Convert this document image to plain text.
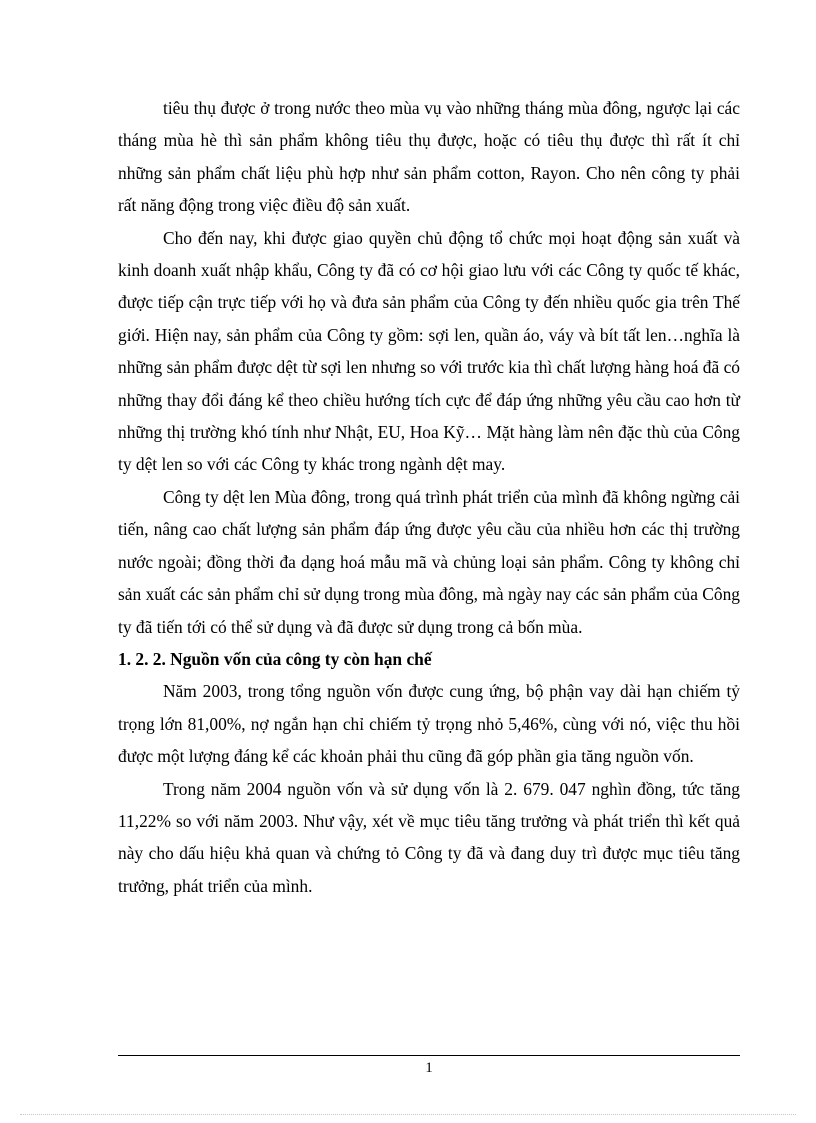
tiêu thụ được ở trong nước theo mùa vụ vào những tháng mùa đông, ngược lại các tháng mùa hè thì sản phẩm không tiêu thụ được, hoặc có tiêu thụ được thì rất ít chỉ những sản phẩm chất liệu phù hợp như sản phẩm cotton, Rayon. Cho nên công ty phải rất năng động trong việc điều độ sản xuất.

Cho đến nay, khi được giao quyền chủ động tổ chức mọi hoạt động sản xuất và kinh doanh xuất nhập khẩu, Công ty đã có cơ hội giao lưu với các Công ty quốc tế khác, được tiếp cận trực tiếp với họ và đưa sản phẩm của Công ty đến nhiều quốc gia trên Thế giới. Hiện nay, sản phẩm của Công ty gồm: sợi len, quần áo, váy và bít tất len…nghĩa là những sản phẩm được dệt từ sợi len nhưng so với trước kia thì chất lượng hàng hoá đã có những thay đổi đáng kể theo chiều hướng tích cực để đáp ứng những yêu cầu cao hơn từ những thị trường khó tính như Nhật, EU, Hoa Kỹ… Mặt hàng làm nên đặc thù của Công ty dệt len so với các Công ty khác trong ngành dệt may.

Công ty dệt len Mùa đông, trong quá trình phát triển của mình đã không ngừng cải tiến, nâng cao chất lượng sản phẩm đáp ứng được yêu cầu của nhiều hơn các thị trường nước ngoài; đồng thời đa dạng hoá mẫu mã và chủng loại sản phẩm. Công ty không chỉ sản xuất các sản phẩm chỉ sử dụng trong mùa đông, mà ngày nay các sản phẩm của Công ty đã tiến tới có thể sử dụng và đã được sử dụng trong cả bốn mùa.

1. 2. 2. Nguồn vốn của công ty còn hạn chế

Năm 2003, trong tổng nguồn vốn được cung ứng, bộ phận vay dài hạn chiếm tỷ trọng lớn 81,00%, nợ ngắn hạn chỉ chiếm tỷ trọng nhỏ 5,46%, cùng với nó, việc thu hồi được một lượng đáng kể các khoản phải thu cũng đã góp phần gia tăng nguồn vốn.

Trong năm 2004 nguồn vốn và sử dụng vốn là 2. 679. 047 nghìn đồng, tức tăng 11,22% so với năm 2003. Như vậy, xét về mục tiêu tăng trưởng và phát triển thì kết quả này cho dấu hiệu khả quan và chứng tỏ Công ty đã và đang duy trì được mục tiêu tăng trưởng, phát triển của mình.

1
